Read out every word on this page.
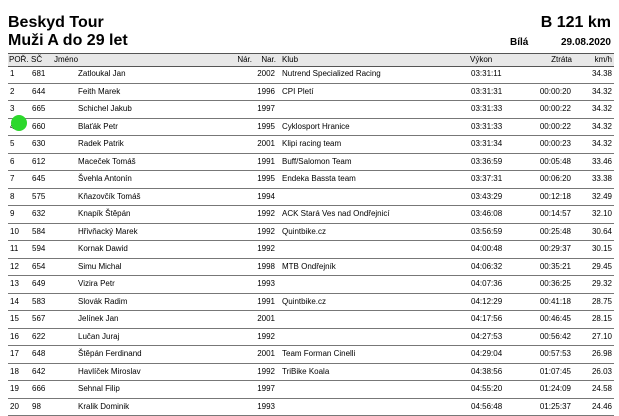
Beskyd Tour
Muži A do 29 let
B 121 km
Bílá	29.08.2020
POŘ. SČ Jméno	Nár.	Nar. Klub	Výkon	Ztráta	km/h
1 681	Zatloukal Jan	2002 Nutrend Specialized Racing	03:31:11	34.38
2 644	Feith Marek	1996 CPI Pletí	03:31:31	00:00:20	34.32
3 665	Schichel Jakub	1997	03:31:33	00:00:22	34.32
660	Blaťák Petr	1995 Cyklosport Hranice	03:31:33	00:00:22	34.32
5 630	Radek Patrik	2001 Klipi racing team	03:31:34	00:00:23	34.32
6 612	Maceček Tomáš	1991 Buff/Salomon Team	03:36:59	00:05:48	33.46
7 645	Švehla Antonín	1995 Endeka Bassta team	03:37:31	00:06:20	33.38
8 575	Kňazovčík Tomáš	1994	03:43:29	00:12:18	32.49
9 632	Knapík Štěpán	1992 ACK Stará Ves nad Ondřejnicí	03:46:08	00:14:57	32.10
10 584	Hřivňacký Marek	1992 Quintbike.cz	03:56:59	00:25:48	30.64
11 594	Kornak Dawid	1992	04:00:48	00:29:37	30.15
12 654	Simu Michal	1998 MTB Ondřejník	04:06:32	00:35:21	29.45
13 649	Vizira Petr	1993	04:07:36	00:36:25	29.32
14 583	Slovák Radim	1991 Quintbike.cz	04:12:29	00:41:18	28.75
15 567	Jelínek Jan	2001	04:17:56	00:46:45	28.15
16 622	Lučan Juraj	1992	04:27:53	00:56:42	27.10
17 648	Štěpán Ferdinand	2001 Team Forman Cinelli	04:29:04	00:57:53	26.98
18 642	Havlíček Miroslav	1992 TriBike Koala	04:38:56	01:07:45	26.03
19 666	Sehnal Filip	1997	04:55:20	01:24:09	24.58
20 98	Kralik Dominik	1993	04:56:48	01:25:37	24.46
